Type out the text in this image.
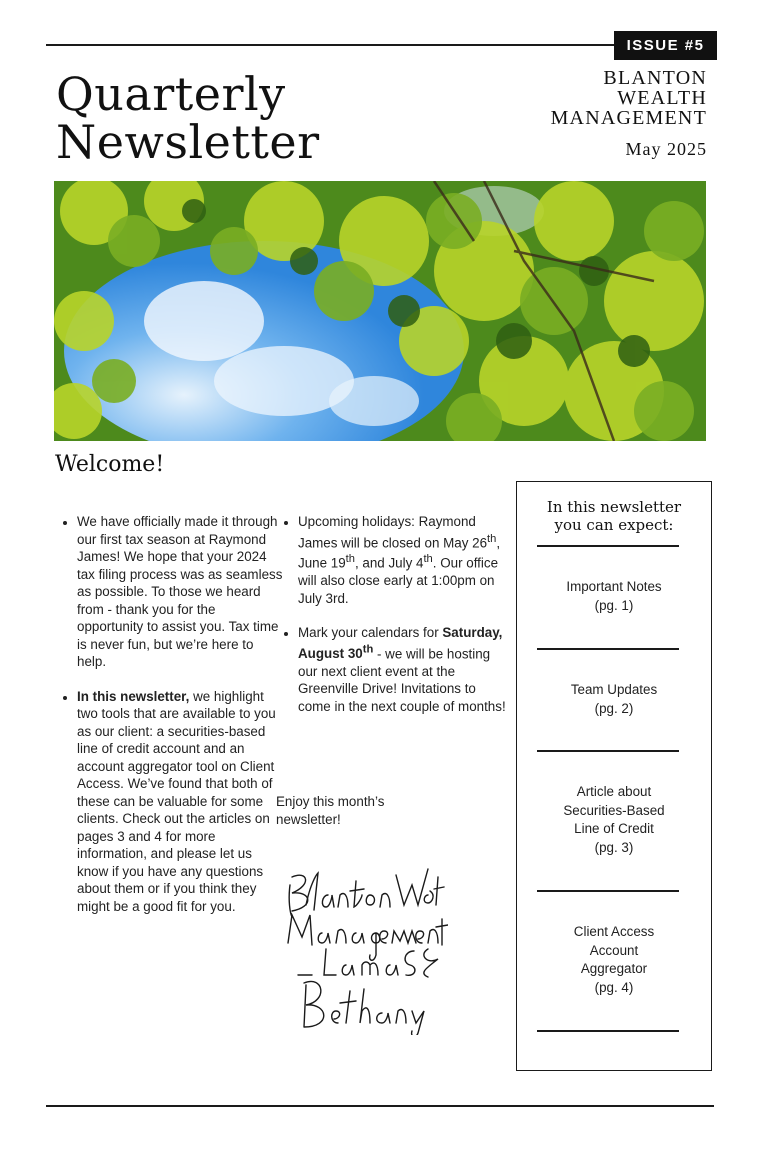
ISSUE #5
Quarterly
Newsletter
BLANTON
WEALTH
MANAGEMENT
May 2025
Welcome!
• We have officially made it through our first tax season at Raymond James! We hope that your 2024 tax filing process was as seamless as possible. To those we heard from - thank you for the opportunity to assist you. Tax time is never fun, but we’re here to help.
• In this newsletter, we highlight two tools that are available to you as our client: a securities-based line of credit account and an account aggregator tool on Client Access. We’ve found that both of these can be valuable for some clients. Check out the articles on pages 3 and 4 for more information, and please let us know if you have any questions about them or if you think they might be a good fit for you.
• Upcoming holidays: Raymond James will be closed on May 26th, June 19th, and July 4th. Our office will also close early at 1:00pm on July 3rd.
• Mark your calendars for Saturday, August 30th - we will be hosting our next client event at the Greenville Drive! Invitations to come in the next couple of months!
Enjoy this month’s newsletter!
In this newsletter
you can expect:
Important Notes
(pg. 1)
Team Updates
(pg. 2)
Article about
Securities-Based
Line of Credit
(pg. 3)
Client Access
Account
Aggregator
(pg. 4)
